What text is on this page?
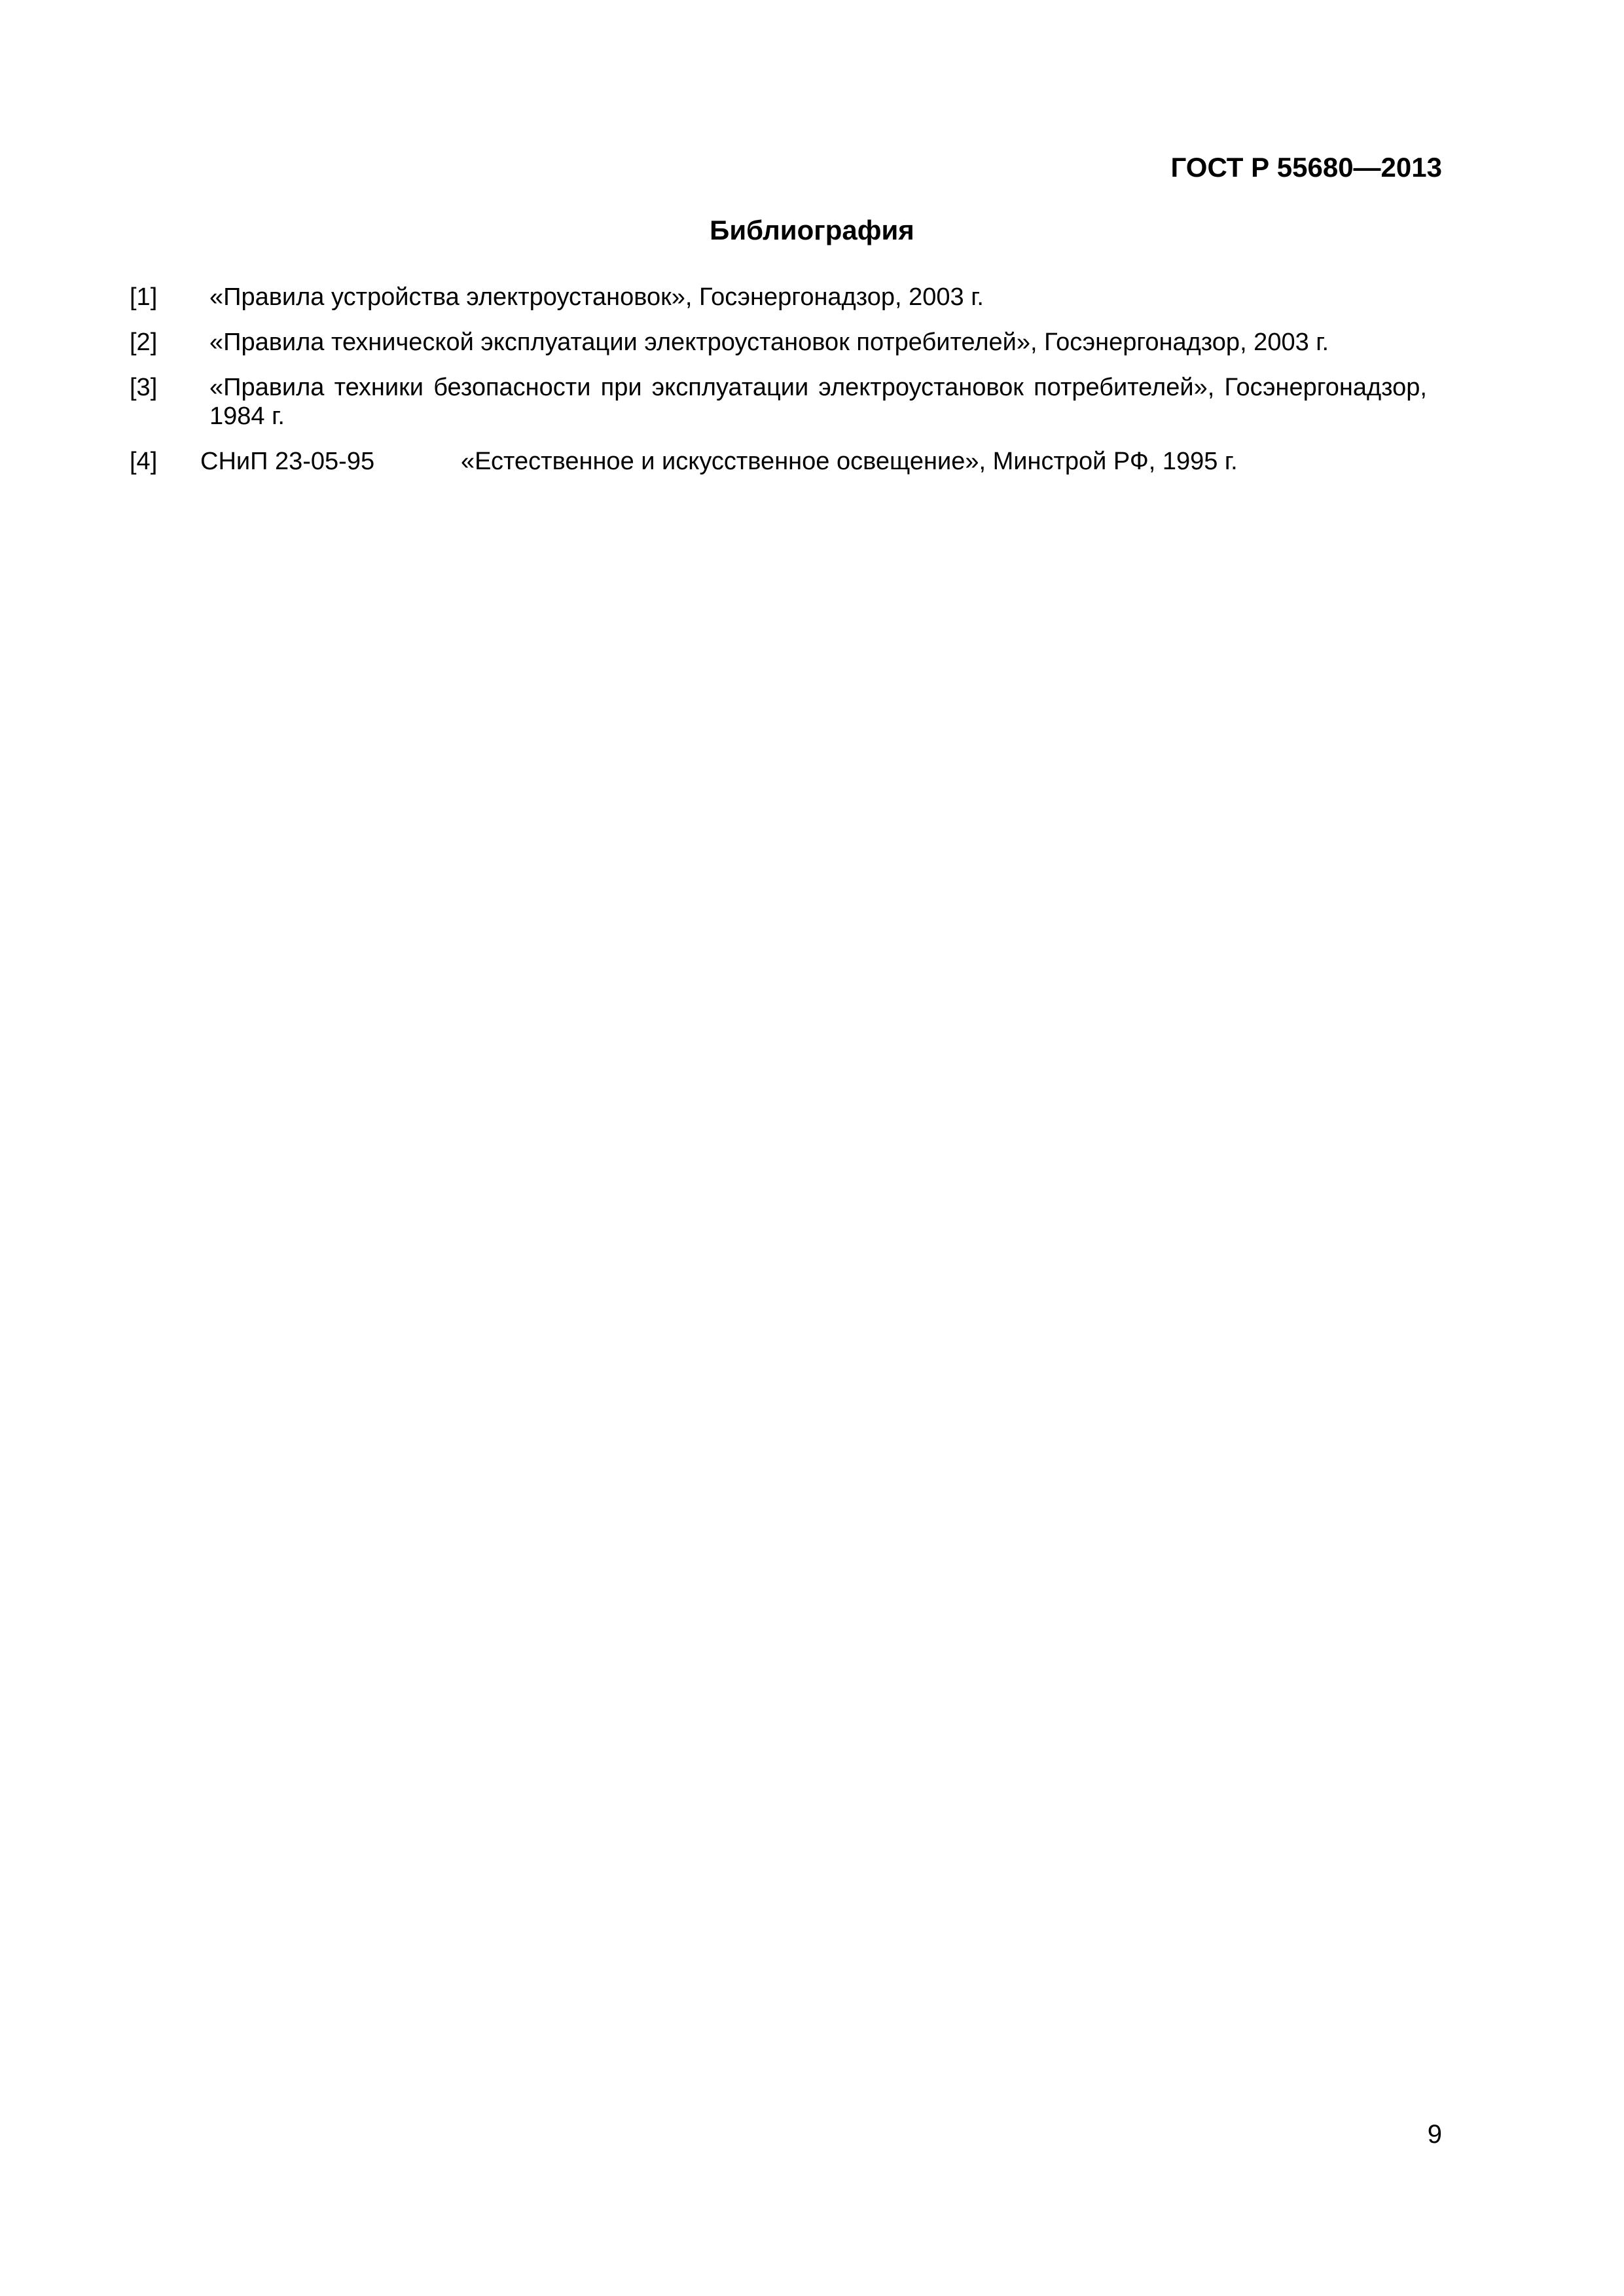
ГОСТ Р 55680—2013
Библиография
[1] «Правила устройства электроустановок», Госэнергонадзор, 2003 г.
[2] «Правила технической эксплуатации электроустановок потребителей», Госэнергонадзор, 2003 г.
[3] «Правила техники безопасности при эксплуатации электроустановок потребителей», Госэнергонадзор, 1984 г.
[4] СНиП 23-05-95	«Естественное и искусственное освещение», Минстрой РФ, 1995 г.
9
